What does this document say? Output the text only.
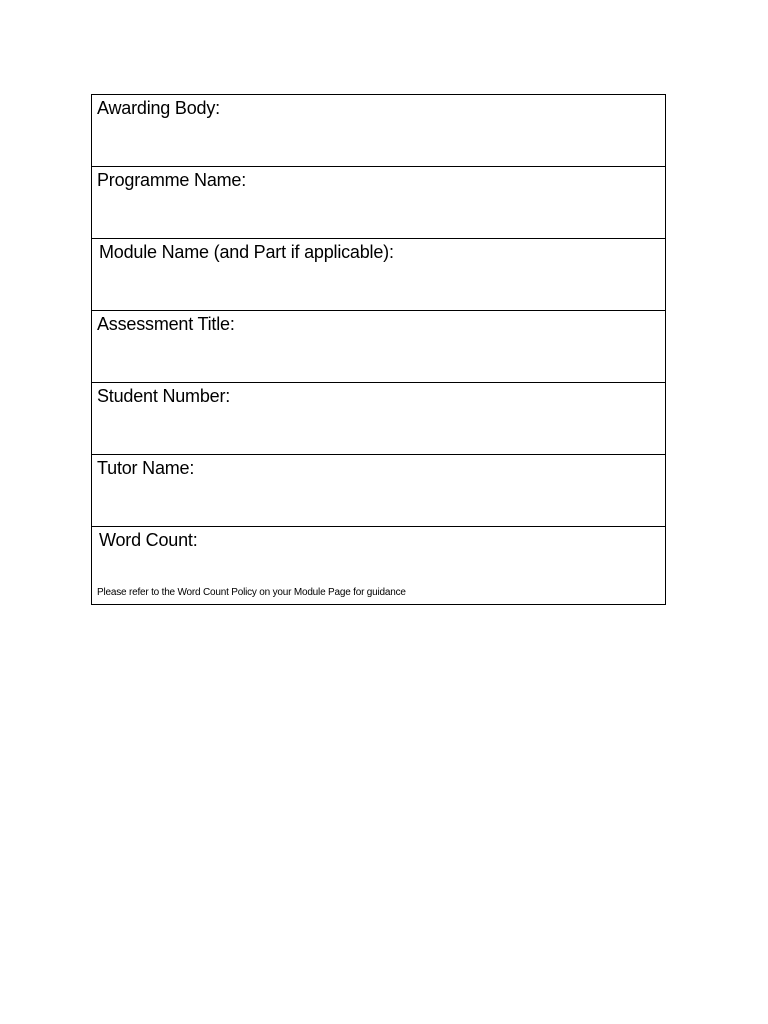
Awarding Body:
Programme Name:
Module Name (and Part if applicable):
Assessment Title:
Student Number:
Tutor Name:
Word Count:
Please refer to the Word Count Policy on your Module Page for guidance
